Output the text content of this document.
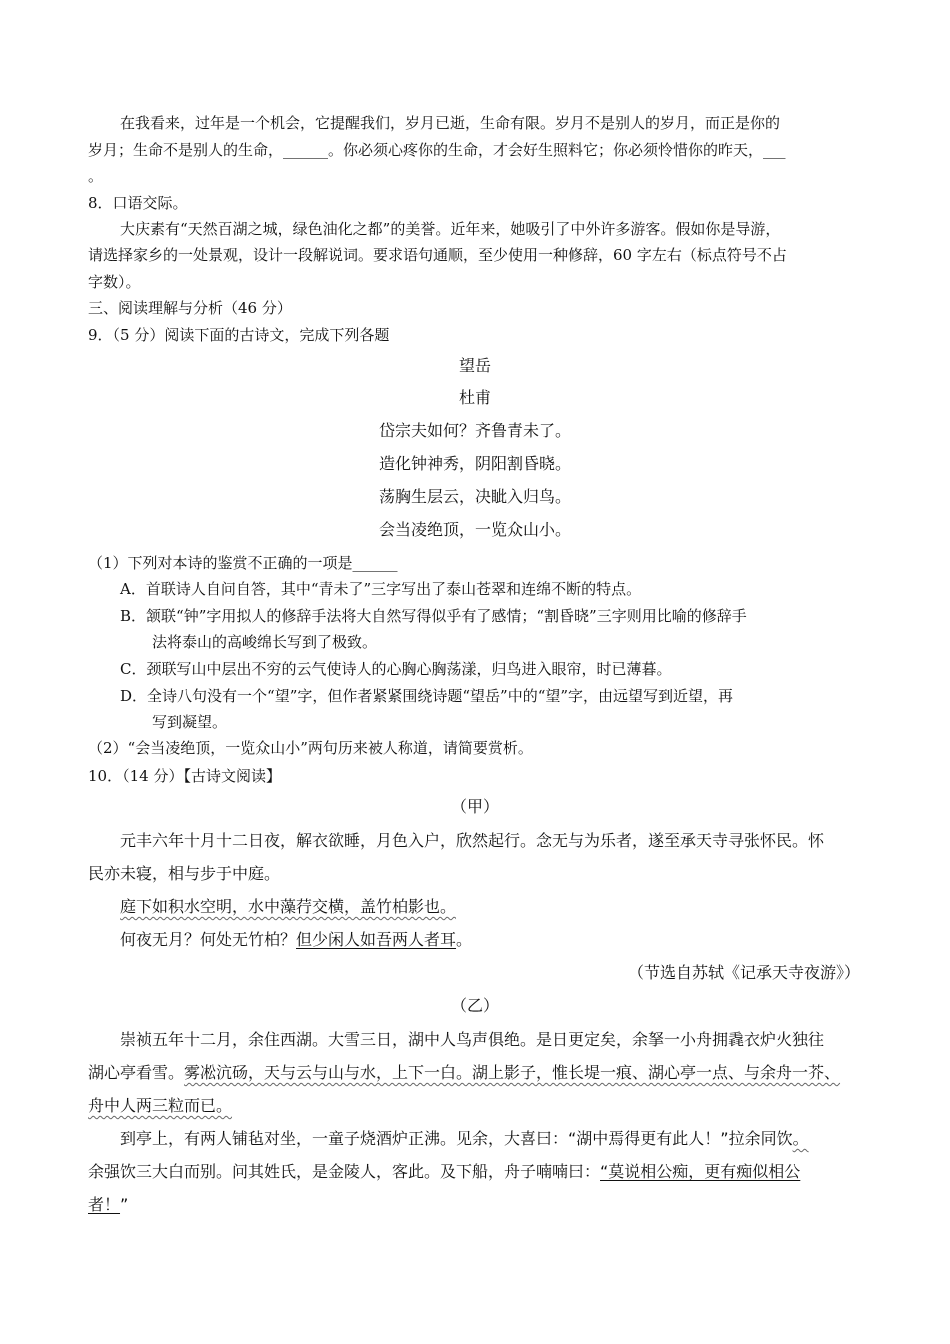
在我看来，过年是一个机会，它提醒我们，岁月已逝，生命有限。岁月不是别人的岁月，而正是你的
岁月；生命不是别人的生命，______。你必须心疼你的生命，才会好生照料它；你必须怜惜你的昨天，___
。
8．口语交际。
大庆素有“天然百湖之城，绿色油化之都”的美誉。近年来，她吸引了中外许多游客。假如你是导游，
请选择家乡的一处景观，设计一段解说词。要求语句通顺，至少使用一种修辞，60 字左右（标点符号不占
字数）。
三、阅读理解与分析（46 分）
9．（5 分）阅读下面的古诗文，完成下列各题
望岳
杜甫
岱宗夫如何？齐鲁青未了。
造化钟神秀，阴阳割昏晓。
荡胸生层云，决眦入归鸟。
会当凌绝顶，一览众山小。
（1）下列对本诗的鉴赏不正确的一项是______
A．首联诗人自问自答，其中“青未了”三字写出了泰山苍翠和连绵不断的特点。
B．颔联“钟”字用拟人的修辞手法将大自然写得似乎有了感情；“割昏晓”三字则用比喻的修辞手
法将泰山的高峻绵长写到了极致。
C．颈联写山中层出不穷的云气使诗人的心胸心胸荡漾，归鸟进入眼帘，时已薄暮。
D．全诗八句没有一个“望”字，但作者紧紧围绕诗题“望岳”中的“望”字，由远望写到近望，再
写到凝望。
（2）“会当凌绝顶，一览众山小”两句历来被人称道，请简要赏析。
10．（14 分）【古诗文阅读】
（甲）
元丰六年十月十二日夜，解衣欲睡，月色入户，欣然起行。念无与为乐者，遂至承天寺寻张怀民。怀
民亦未寝，相与步于中庭。
庭下如积水空明，水中藻荇交横，盖竹柏影也。
何夜无月？何处无竹柏？但少闲人如吾两人者耳。
（节选自苏轼《记承天寺夜游》）
（乙）
崇祯五年十二月，余住西湖。大雪三日，湖中人鸟声俱绝。是日更定矣，余拏一小舟拥毳衣炉火独往
湖心亭看雪。雾凇沆砀，天与云与山与水，上下一白。湖上影子，惟长堤一痕、湖心亭一点、与余舟一芥、
舟中人两三粒而已。
到亭上，有两人铺毡对坐，一童子烧酒炉正沸。见余，大喜曰：“湖中焉得更有此人！”拉余同饮。
余强饮三大白而别。问其姓氏，是金陵人，客此。及下船，舟子喃喃曰：“莫说相公痴，更有痴似相公
者！”
